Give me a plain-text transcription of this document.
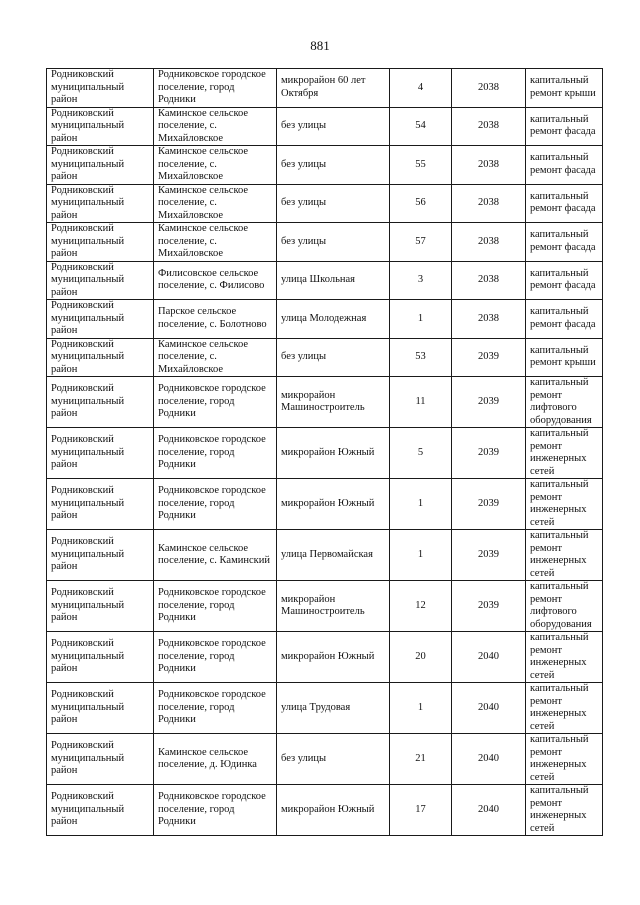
881
Родниковский муниципальный район	Родниковское городское поселение, город Родники	микрорайон 60 лет Октября	4	2038	капитальный ремонт крыши
Родниковский муниципальный район	Каминское сельское поселение, с. Михайловское	без улицы	54	2038	капитальный ремонт фасада
Родниковский муниципальный район	Каминское сельское поселение, с. Михайловское	без улицы	55	2038	капитальный ремонт фасада
Родниковский муниципальный район	Каминское сельское поселение, с. Михайловское	без улицы	56	2038	капитальный ремонт фасада
Родниковский муниципальный район	Каминское сельское поселение, с. Михайловское	без улицы	57	2038	капитальный ремонт фасада
Родниковский муниципальный район	Филисовское сельское поселение, с. Филисово	улица Школьная	3	2038	капитальный ремонт фасада
Родниковский муниципальный район	Парское сельское поселение, с. Болотново	улица Молодежная	1	2038	капитальный ремонт фасада
Родниковский муниципальный район	Каминское сельское поселение, с. Михайловское	без улицы	53	2039	капитальный ремонт крыши
Родниковский муниципальный район	Родниковское городское поселение, город Родники	микрорайон Машиностроитель	11	2039	капитальный ремонт лифтового оборудования
Родниковский муниципальный район	Родниковское городское поселение, город Родники	микрорайон Южный	5	2039	капитальный ремонт инженерных сетей
Родниковский муниципальный район	Родниковское городское поселение, город Родники	микрорайон Южный	1	2039	капитальный ремонт инженерных сетей
Родниковский муниципальный район	Каминское сельское поселение, с. Каминский	улица Первомайская	1	2039	капитальный ремонт инженерных сетей
Родниковский муниципальный район	Родниковское городское поселение, город Родники	микрорайон Машиностроитель	12	2039	капитальный ремонт лифтового оборудования
Родниковский муниципальный район	Родниковское городское поселение, город Родники	микрорайон Южный	20	2040	капитальный ремонт инженерных сетей
Родниковский муниципальный район	Родниковское городское поселение, город Родники	улица Трудовая	1	2040	капитальный ремонт инженерных сетей
Родниковский муниципальный район	Каминское сельское поселение, д. Юдинка	без улицы	21	2040	капитальный ремонт инженерных сетей
Родниковский муниципальный район	Родниковское городское поселение, город Родники	микрорайон Южный	17	2040	капитальный ремонт инженерных сетей
